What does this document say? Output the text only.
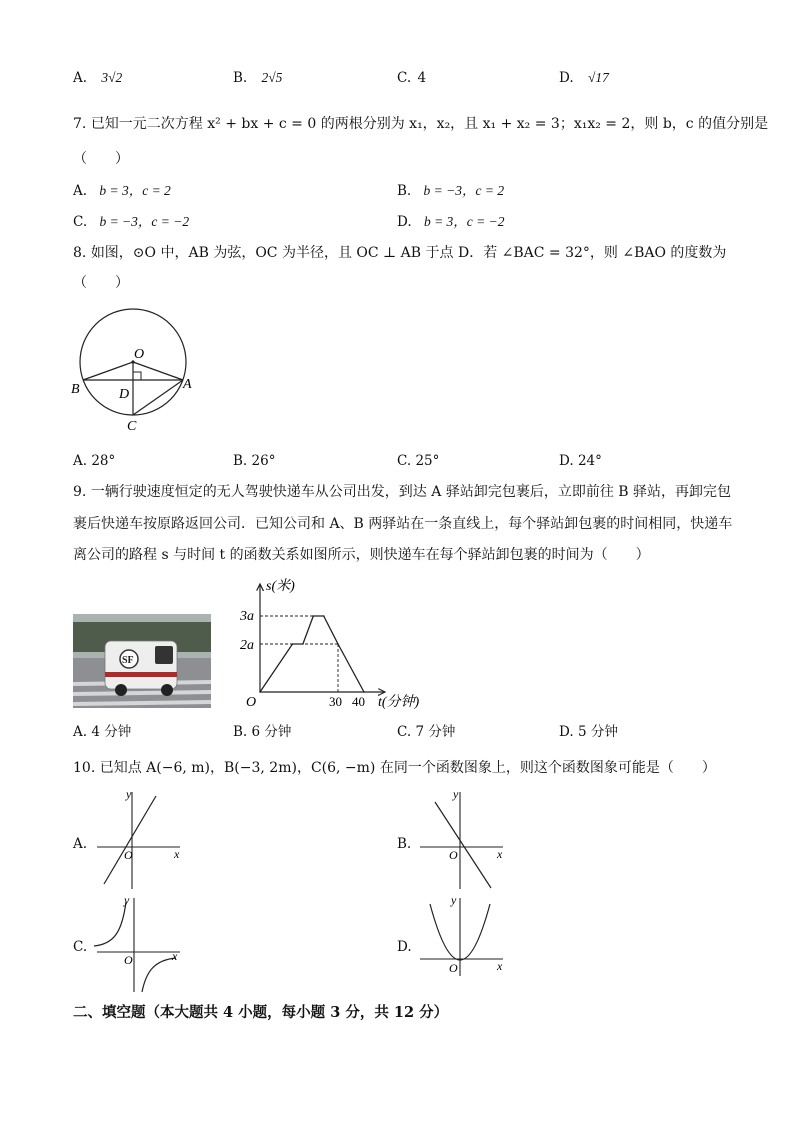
A. 3√2	B. 2√5	C. 4	D. √17
7. 已知一元二次方程 x² + bx + c = 0 的两根分别为 x₁，x₂，且 x₁ + x₂ = 3；x₁x₂ = 2，则 b，c 的值分别是
（　　）
A. b = 3，c = 2	B. b = −3，c = 2
C. b = −3，c = −2	D. b = 3，c = −2
8. 如图，⊙O 中，AB 为弦，OC 为半径，且 OC ⊥ AB 于点 D．若 ∠BAC = 32°，则 ∠BAO 的度数为
（　　）
O
B	A
D
C
A. 28°	B. 26°	C. 25°	D. 24°
9. 一辆行驶速度恒定的无人驾驶快递车从公司出发，到达 A 驿站卸完包裹后，立即前往 B 驿站，再卸完包
裹后快递车按原路返回公司．已知公司和 A、B 两驿站在一条直线上，每个驿站卸包裹的时间相同，快递车
离公司的路程 s 与时间 t 的函数关系如图所示，则快递车在每个驿站卸包裹的时间为（　　）
SF
s(米)
t(分钟)
O
3a
2a
30 40
A. 4 分钟	B. 6 分钟	C. 7 分钟	D. 5 分钟
10. 已知点 A(−6, m)，B(−3, 2m)，C(6, −m) 在同一个函数图象上，则这个函数图象可能是（　　）
A.
y
x
O
B.
y
x
O
C.
y
x
O
D.
y
x
O
二、填空题（本大题共 4 小题，每小题 3 分，共 12 分）
